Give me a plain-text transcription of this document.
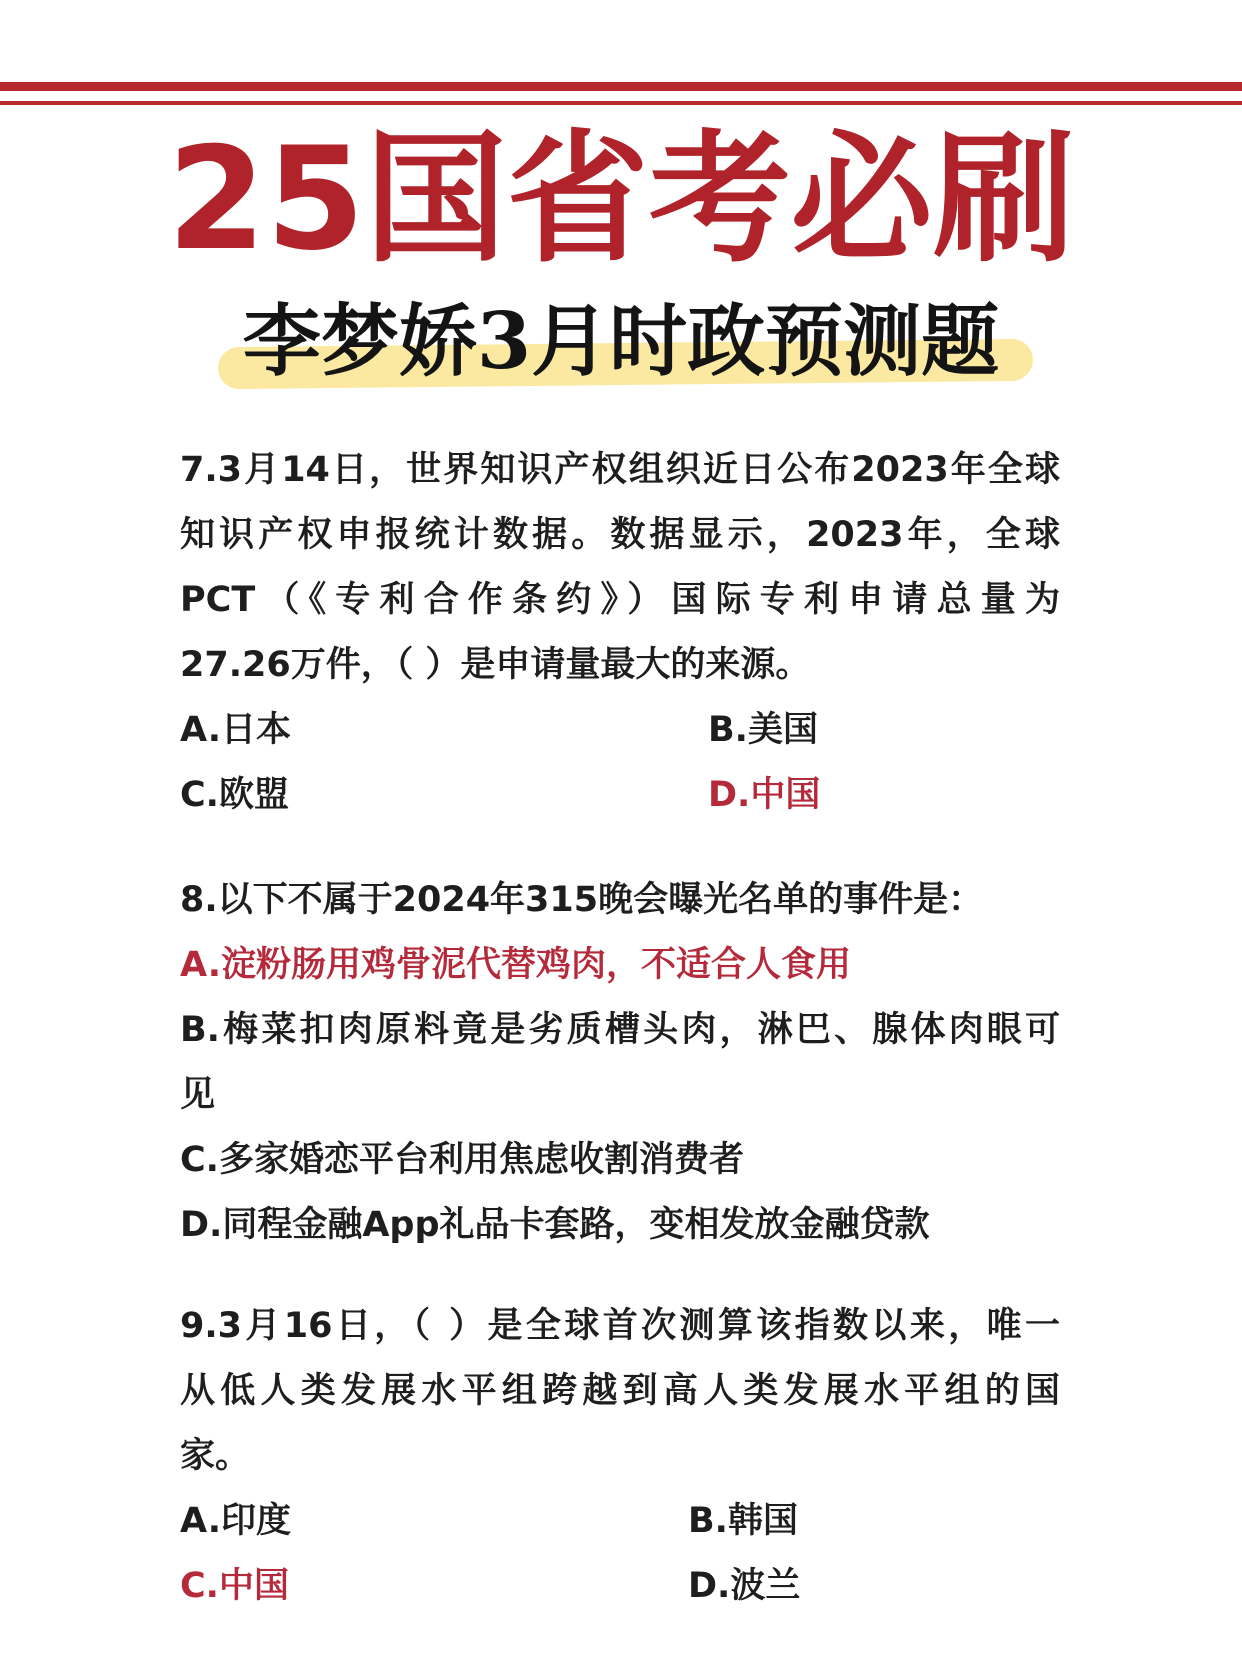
25国省考必刷
李梦娇3月时政预测题
7.3月14日，世界知识产权组织近日公布2023年全球
知识产权申报统计数据。数据显示，2023年，全球
PCT（《专利合作条约》）国际专利申请总量为
27.26万件，（ ）是申请量最大的来源。
A.日本	B.美国
C.欧盟	D.中国
8.以下不属于2024年315晚会曝光名单的事件是：
A.淀粉肠用鸡骨泥代替鸡肉，不适合人食用
B.梅菜扣肉原料竟是劣质槽头肉，淋巴、腺体肉眼可
见
C.多家婚恋平台利用焦虑收割消费者
D.同程金融App礼品卡套路，变相发放金融贷款
9.3月16日，（ ）是全球首次测算该指数以来，唯一
从低人类发展水平组跨越到高人类发展水平组的国
家。
A.印度	B.韩国
C.中国	D.波兰
